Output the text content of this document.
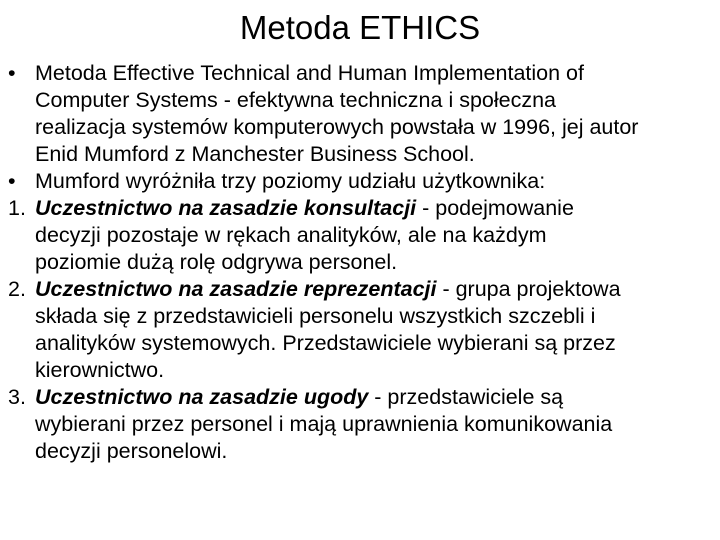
Metoda ETHICS
• Metoda Effective Technical and Human Implementation of
Computer Systems - efektywna techniczna i społeczna
realizacja systemów komputerowych powstała w 1996, jej autor
Enid Mumford z Manchester Business School.
• Mumford wyróżniła trzy poziomy udziału użytkownika:
1. Uczestnictwo na zasadzie konsultacji - podejmowanie
decyzji pozostaje w rękach analityków, ale na każdym
poziomie dużą rolę odgrywa personel.
2. Uczestnictwo na zasadzie reprezentacji - grupa projektowa
składa się z przedstawicieli personelu wszystkich szczebli i
analityków systemowych. Przedstawiciele wybierani są przez
kierownictwo.
3. Uczestnictwo na zasadzie ugody - przedstawiciele są
wybierani przez personel i mają uprawnienia komunikowania
decyzji personelowi.
